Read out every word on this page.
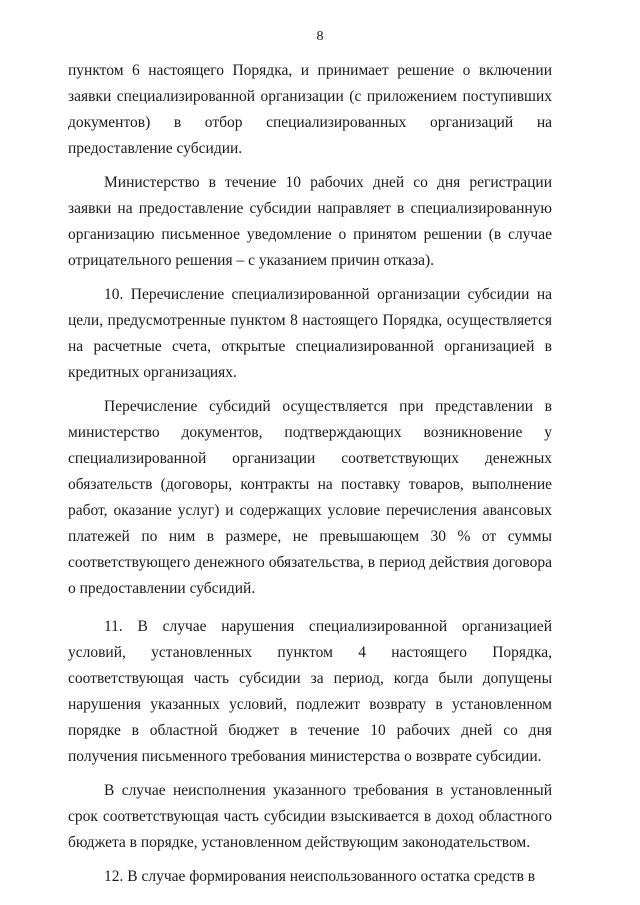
8

пунктом 6 настоящего Порядка, и принимает решение о включении заявки специализированной организации (с приложением поступивших документов) в отбор специализированных организаций на предоставление субсидии.

Министерство в течение 10 рабочих дней со дня регистрации заявки на предоставление субсидии направляет в специализированную организацию письменное уведомление о принятом решении (в случае отрицательного решения – с указанием причин отказа).

10. Перечисление специализированной организации субсидии на цели, предусмотренные пунктом 8 настоящего Порядка, осуществляется на расчетные счета, открытые специализированной организацией в кредитных организациях.

Перечисление субсидий осуществляется при представлении в министерство документов, подтверждающих возникновение у специализированной организации соответствующих денежных обязательств (договоры, контракты на поставку товаров, выполнение работ, оказание услуг) и содержащих условие перечисления авансовых платежей по ним в размере, не превышающем 30 % от суммы соответствующего денежного обязательства, в период действия договора о предоставлении субсидий.

11. В случае нарушения специализированной организацией условий, установленных пунктом 4 настоящего Порядка, соответствующая часть субсидии за период, когда были допущены нарушения указанных условий, подлежит возврату в установленном порядке в областной бюджет в течение 10 рабочих дней со дня получения письменного требования министерства о возврате субсидии.

В случае неисполнения указанного требования в установленный срок соответствующая часть субсидии взыскивается в доход областного бюджета в порядке, установленном действующим законодательством.

12. В случае формирования неиспользованного остатка средств в
